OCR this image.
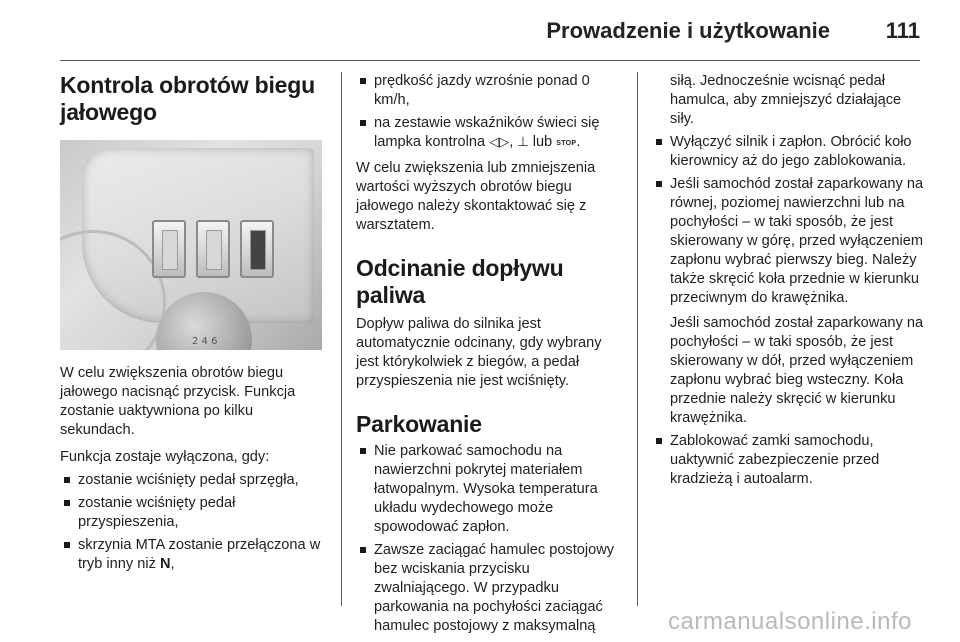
Prowadzenie i użytkowanie	111
Kontrola obrotów biegu jałowego
2 4 6

W celu zwiększenia obrotów biegu jałowego nacisnąć przycisk. Funkcja zostanie uaktywniona po kilku sekundach.

Funkcja zostaje wyłączona, gdy:

zostanie wciśnięty pedał sprzęgła,
zostanie wciśnięty pedał przyspieszenia,
skrzynia MTA zostanie przełączona w tryb inny niż N,
prędkość jazdy wzrośnie ponad 0 km/h,
na zestawie wskaźników świeci się lampka kontrolna ◁▷, ⊥ lub STOP.

W celu zwiększenia lub zmniejszenia wartości wyższych obrotów biegu jałowego należy skontaktować się z warsztatem.

Odcinanie dopływu paliwa

Dopływ paliwa do silnika jest automatycznie odcinany, gdy wybrany jest którykolwiek z biegów, a pedał przyspieszenia nie jest wciśnięty.

Parkowanie
Nie parkować samochodu na nawierzchni pokrytej materiałem łatwopalnym. Wysoka temperatura układu wydechowego może spowodować zapłon.
Zawsze zaciągać hamulec postojowy bez wciskania przycisku zwalniającego. W przypadku parkowania na pochyłości zaciągać hamulec postojowy z maksymalną

siłą. Jednocześnie wcisnąć pedał hamulca, aby zmniejszyć działające siły.

Wyłączyć silnik i zapłon. Obrócić koło kierownicy aż do jego zablokowania.
Jeśli samochód został zaparkowany na równej, poziomej nawierzchni lub na pochyłości – w taki sposób, że jest skierowany w górę, przed wyłączeniem zapłonu wybrać pierwszy bieg. Należy także skręcić koła przednie w kierunku przeciwnym do krawężnika.

Jeśli samochód został zaparkowany na pochyłości – w taki sposób, że jest skierowany w dół, przed wyłączeniem zapłonu wybrać bieg wsteczny. Koła przednie należy skręcić w kierunku krawężnika.

Zablokować zamki samochodu, uaktywnić zabezpieczenie przed kradzieżą i autoalarm.
carmanualsonline.info
